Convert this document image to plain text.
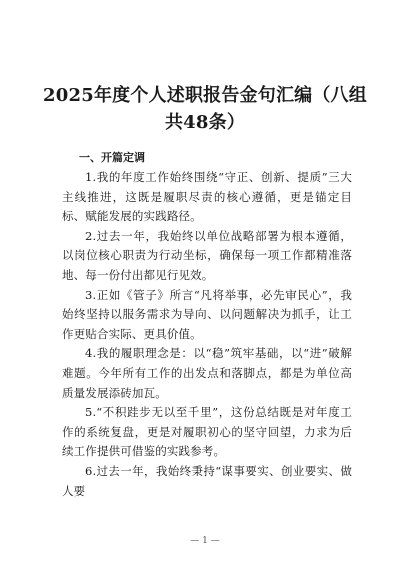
2025年度个人述职报告金句汇编（八组共48条）
一、开篇定调

1.我的年度工作始终围绕“守正、创新、提质”三大主线推进，这既是履职尽责的核心遵循，更是锚定目标、赋能发展的实践路径。

2.过去一年，我始终以单位战略部署为根本遵循，以岗位核心职责为行动坐标，确保每一项工作都精准落地、每一份付出都见行见效。

3.正如《管子》所言“凡将举事，必先审民心”，我始终坚持以服务需求为导向、以问题解决为抓手，让工作更贴合实际、更具价值。

4.我的履职理念是：以“稳”筑牢基础，以“进”破解难题。今年所有工作的出发点和落脚点，都是为单位高质量发展添砖加瓦。

5.“不积跬步无以至千里”，这份总结既是对年度工作的系统复盘，更是对履职初心的坚守回望，力求为后续工作提供可借鉴的实践参考。

6.过去一年，我始终秉持“谋事要实、创业要实、做人要

— 1 —
